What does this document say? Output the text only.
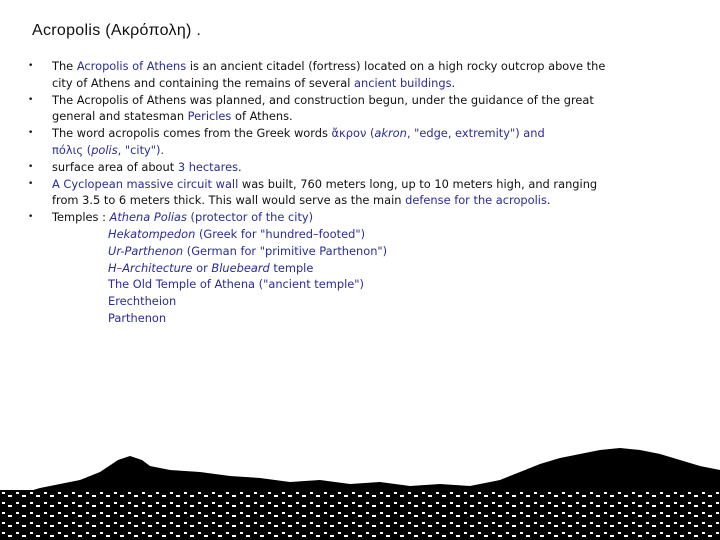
Acropolis (Ακρόπολη) .
• The Acropolis of Athens is an ancient citadel (fortress) located on a high rocky outcrop above the city of Athens and containing the remains of several ancient buildings.
• The Acropolis of Athens was planned, and construction begun, under the guidance of the great general and statesman Pericles of Athens.
• The word acropolis comes from the Greek words ἄκρον (akron, "edge, extremity") and
πόλις (polis, "city").
• surface area of about 3 hectares.
• A Cyclopean massive circuit wall was built, 760 meters long, up to 10 meters high, and ranging from 3.5 to 6 meters thick. This wall would serve as the main defense for the acropolis.
• Temples : Athena Polias (protector of the city)
Hekatompedon (Greek for "hundred–footed")
Ur-Parthenon (German for "primitive Parthenon")
H–Architecture or Bluebeard temple
The Old Temple of Athena ("ancient temple")
Erechtheion
Parthenon
